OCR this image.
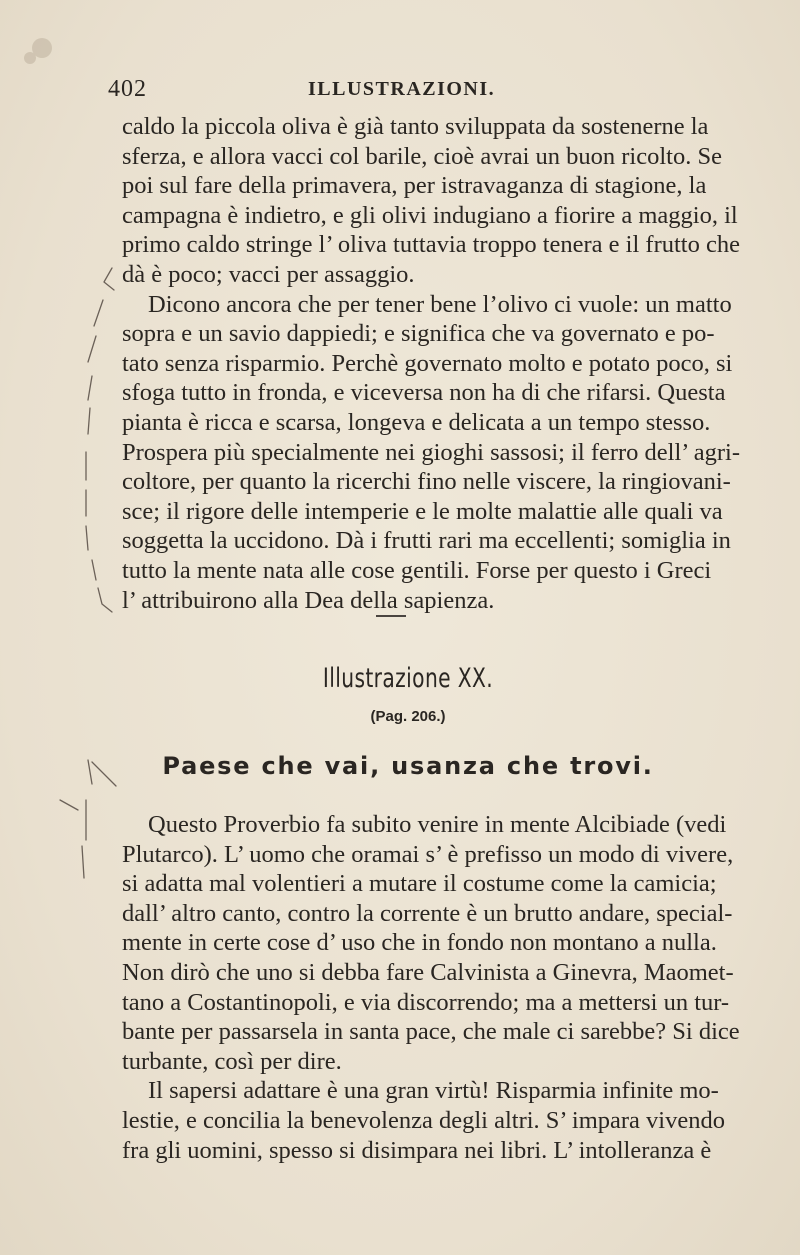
402	ILLUSTRAZIONI.
caldo la piccola oliva è già tanto sviluppata da sostenerne la
sferza, e allora vacci col barile, cioè avrai un buon ricolto. Se
poi sul fare della primavera, per istravaganza di stagione, la
campagna è indietro, e gli olivi indugiano a fiorire a maggio, il
primo caldo stringe l’ oliva tuttavia troppo tenera e il frutto che
dà è poco; vacci per assaggio.
Dicono ancora che per tener bene l’olivo ci vuole: un matto
sopra e un savio dappiedi; e significa che va governato e po-
tato senza risparmio. Perchè governato molto e potato poco, si
sfoga tutto in fronda, e viceversa non ha di che rifarsi. Questa
pianta è ricca e scarsa, longeva e delicata a un tempo stesso.
Prospera più specialmente nei gioghi sassosi; il ferro dell’ agri-
coltore, per quanto la ricerchi fino nelle viscere, la ringiovani-
sce; il rigore delle intemperie e le molte malattie alle quali va
soggetta la uccidono. Dà i frutti rari ma eccellenti; somiglia in
tutto la mente nata alle cose gentili. Forse per questo i Greci
l’ attribuirono alla Dea della sapienza.
Illustrazione XX.
(Pag. 206.)
Paese che vai, usanza che trovi.
Questo Proverbio fa subito venire in mente Alcibiade (vedi
Plutarco). L’ uomo che oramai s’ è prefisso un modo di vivere,
si adatta mal volentieri a mutare il costume come la camicia;
dall’ altro canto, contro la corrente è un brutto andare, special-
mente in certe cose d’ uso che in fondo non montano a nulla.
Non dirò che uno si debba fare Calvinista a Ginevra, Maomet-
tano a Costantinopoli, e via discorrendo; ma a mettersi un tur-
bante per passarsela in santa pace, che male ci sarebbe? Si dice
turbante, così per dire.
Il sapersi adattare è una gran virtù! Risparmia infinite mo-
lestie, e concilia la benevolenza degli altri. S’ impara vivendo
fra gli uomini, spesso si disimpara nei libri. L’ intolleranza è
